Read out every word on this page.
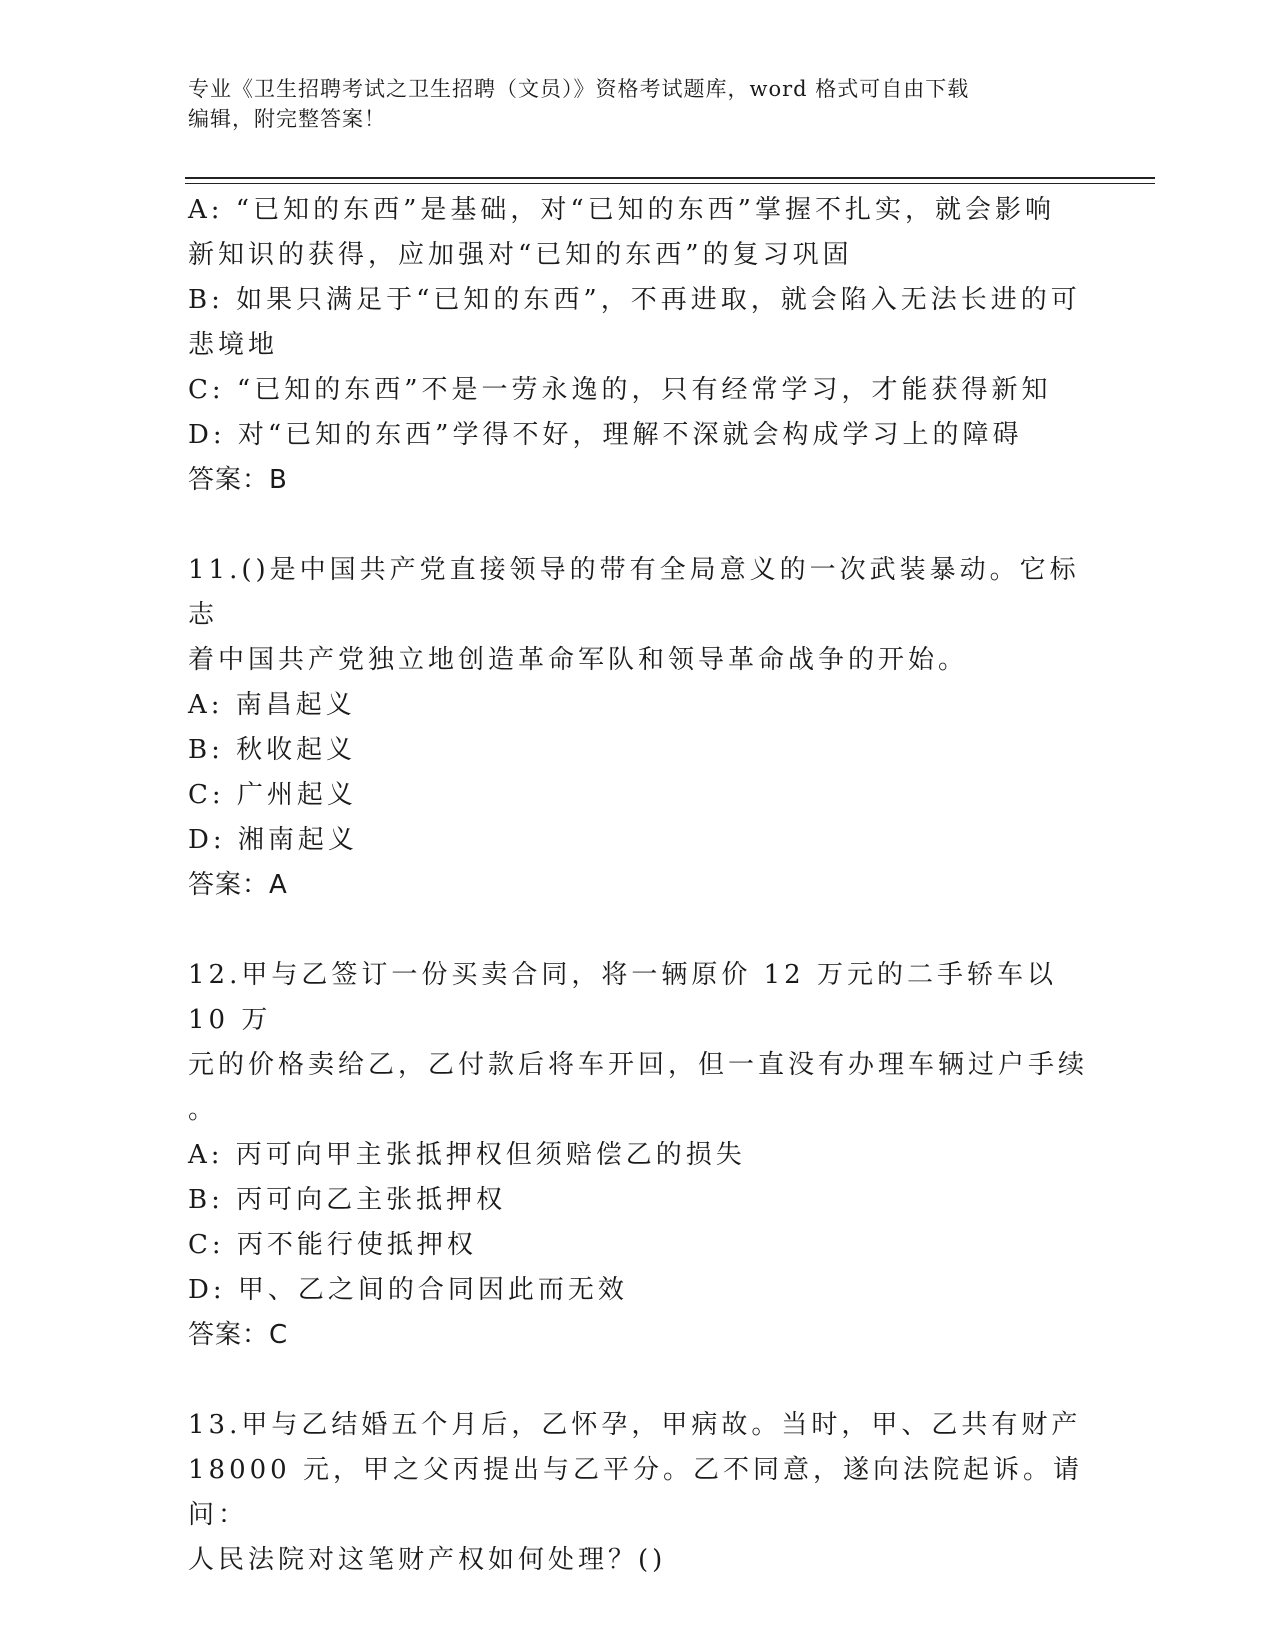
专业《卫生招聘考试之卫生招聘（文员）》资格考试题库，word 格式可自由下载
编辑，附完整答案！

A: “已知的东西”是基础，对“已知的东西”掌握不扎实，就会影响

新知识的获得，应加强对“已知的东西”的复习巩固

B: 如果只满足于“已知的东西”，不再进取，就会陷入无法长进的可

悲境地

C: “已知的东西”不是一劳永逸的，只有经常学习，才能获得新知

D: 对“已知的东西”学得不好，理解不深就会构成学习上的障碍

答案：B

11.()是中国共产党直接领导的带有全局意义的一次武装暴动。它标志

着中国共产党独立地创造革命军队和领导革命战争的开始。

A: 南昌起义

B: 秋收起义

C: 广州起义

D: 湘南起义

答案：A

12.甲与乙签订一份买卖合同，将一辆原价 12 万元的二手轿车以 10 万

元的价格卖给乙，乙付款后将车开回，但一直没有办理车辆过户手续

。

A: 丙可向甲主张抵押权但须赔偿乙的损失

B: 丙可向乙主张抵押权

C: 丙不能行使抵押权

D: 甲、乙之间的合同因此而无效

答案：C

13.甲与乙结婚五个月后，乙怀孕，甲病故。当时，甲、乙共有财产

18000 元，甲之父丙提出与乙平分。乙不同意，遂向法院起诉。请问：

人民法院对这笔财产权如何处理？()
